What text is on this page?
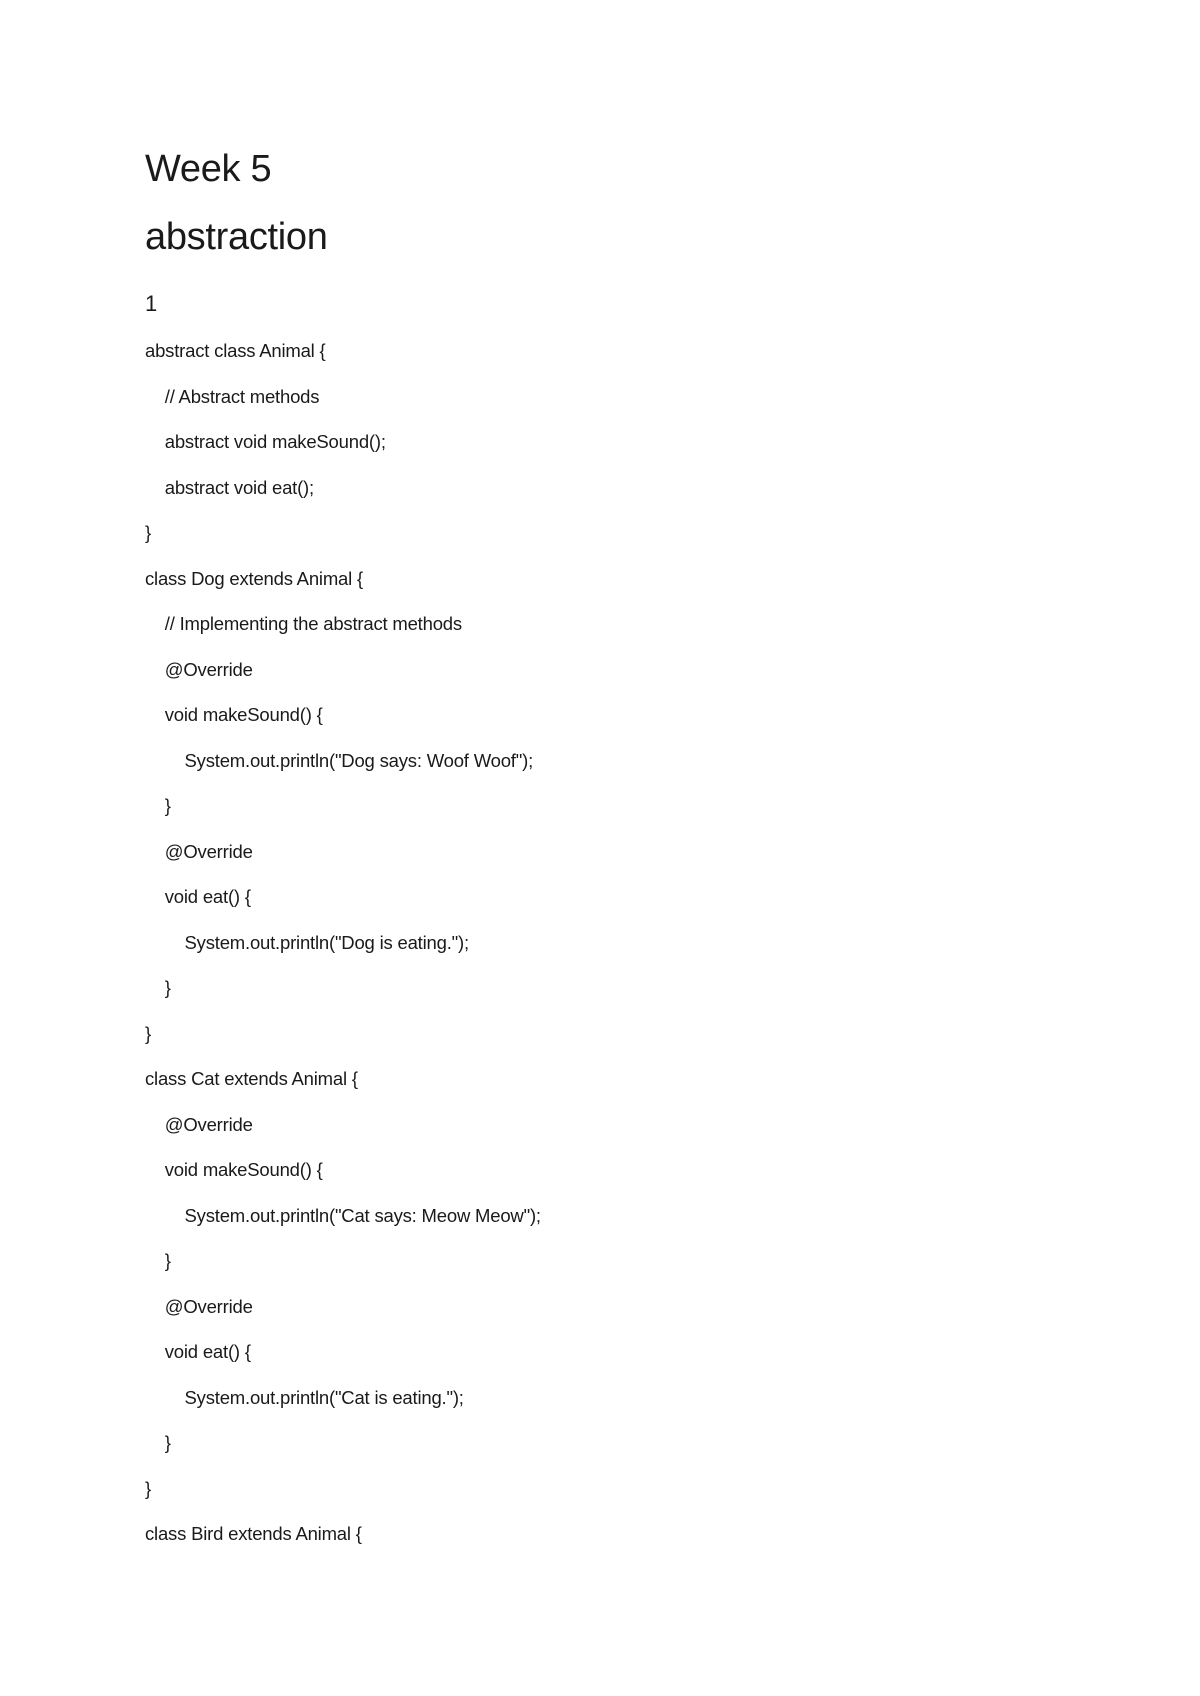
Week 5
abstraction
1
abstract class Animal {
// Abstract methods
abstract void makeSound();
abstract void eat();
}
class Dog extends Animal {
// Implementing the abstract methods
@Override
void makeSound() {
System.out.println("Dog says: Woof Woof");
}
@Override
void eat() {
System.out.println("Dog is eating.");
}
}
class Cat extends Animal {
@Override
void makeSound() {
System.out.println("Cat says: Meow Meow");
}
@Override
void eat() {
System.out.println("Cat is eating.");
}
}
class Bird extends Animal {
